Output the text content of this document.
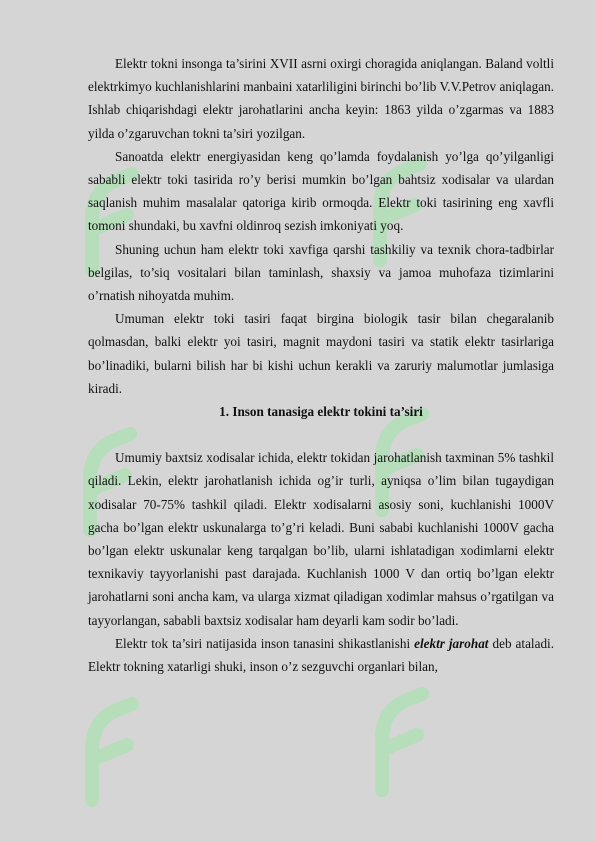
Elektr tokni insonga ta’sirini XVII asrni oxirgi choragida aniqlangan. Baland voltli elektrkimyo kuchlanishlarini manbaini xatarliligini birinchi bo’lib V.V.Petrov aniqlagan. Ishlab chiqarishdagi elektr jarohatlarini ancha keyin: 1863 yilda o’zgarmas va 1883 yilda o’zgaruvchan tokni ta’siri yozilgan.

Sanoatda elektr energiyasidan keng qo’lamda foydalanish yo’lga qo’yilganligi sababli elektr toki tasirida ro’y berisi mumkin bo’lgan bahtsiz xodisalar va ulardan saqlanish muhim masalalar qatoriga kirib ormoqda. Elektr toki tasirining eng xavfli tomoni shundaki, bu xavfni oldinroq sezish imkoniyati yoq.

Shuning uchun ham elektr toki xavfiga qarshi tashkiliy va texnik chora-tadbirlar belgilas, to’siq vositalari bilan taminlash, shaxsiy va jamoa muhofaza tizimlarini o’rnatish nihoyatda muhim.

Umuman elektr toki tasiri faqat birgina biologik tasir bilan chegaralanib qolmasdan, balki elektr yoi tasiri, magnit maydoni tasiri va statik elektr tasirlariga bo’linadiki, bularni bilish har bi kishi uchun kerakli va zaruriy malumotlar jumlasiga kiradi.

1. Inson tanasiga elektr tokini ta’siri

Umumiy baxtsiz xodisalar ichida, elektr tokidan jarohatlanish taxminan 5% tashkil qiladi. Lekin, elektr jarohatlanish ichida og’ir turli, ayniqsa o’lim bilan tugaydigan xodisalar 70-75% tashkil qiladi. Elektr xodisalarni asosiy soni, kuchlanishi 1000V gacha bo’lgan elektr uskunalarga to’g’ri keladi. Buni sababi kuchlanishi 1000V gacha bo’lgan elektr uskunalar keng tarqalgan bo’lib, ularni ishlatadigan xodimlarni elektr texnikaviy tayyorlanishi past darajada. Kuchlanish 1000 V dan ortiq bo’lgan elektr jarohatlarni soni ancha kam, va ularga xizmat qiladigan xodimlar mahsus o’rgatilgan va tayyorlangan, sababli baxtsiz xodisalar ham deyarli kam sodir bo’ladi.

Elektr tok ta’siri natijasida inson tanasini shikastlanishi elektr jarohat deb ataladi. Elektr tokning xatarligi shuki, inson o’z sezguvchi organlari bilan,
